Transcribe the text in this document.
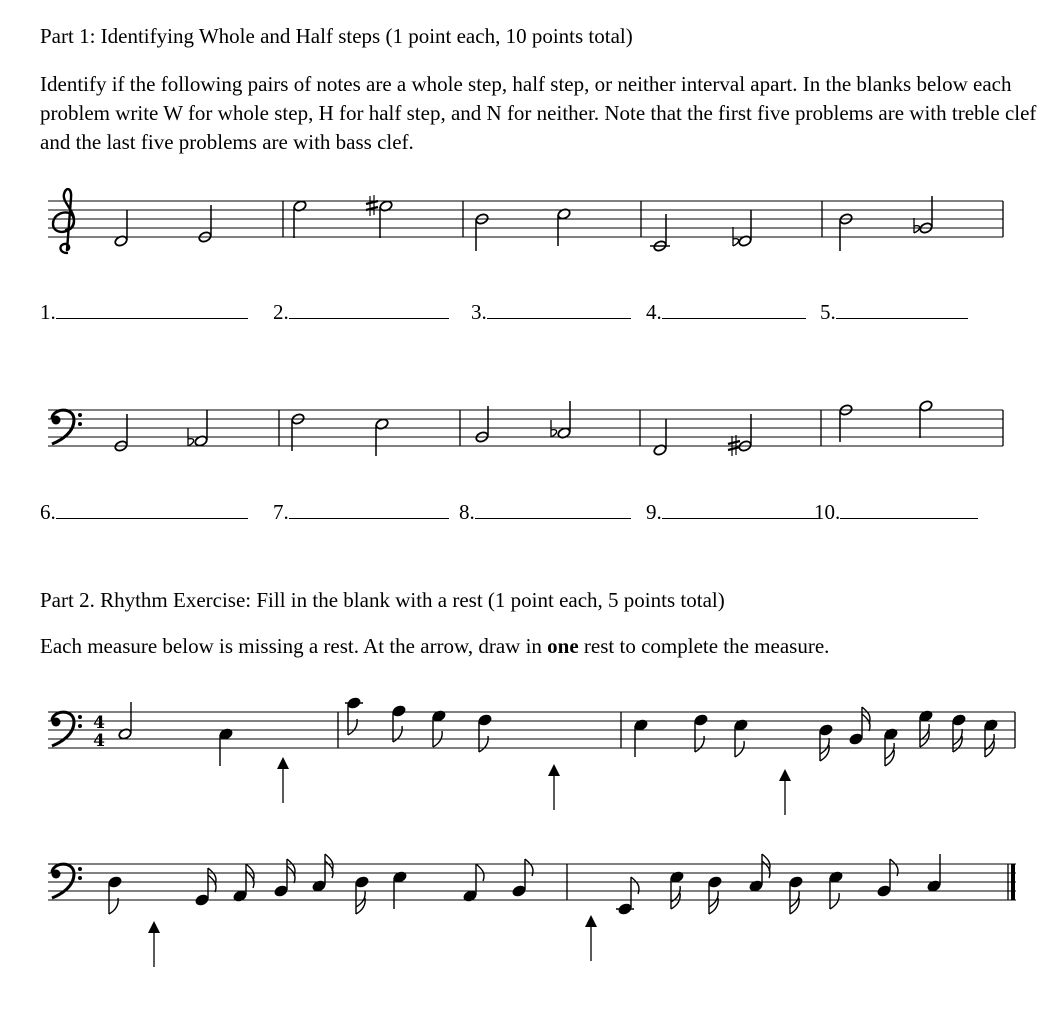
Part 1: Identifying Whole and Half steps (1 point each, 10 points total)

Identify if the following pairs of notes are a whole step, half step, or neither interval apart. In the blanks below each problem write W for whole step, H for half step, and N for neither. Note that the first five problems are with treble clef and the last five problems are with bass clef.

1.	2.	3.	4.	5.
6.	7.	8.	9.	10.

Part 2. Rhythm Exercise: Fill in the blank with a rest (1 point each, 5 points total)

Each measure below is missing a rest. At the arrow, draw in one rest to complete the measure.

4
4
